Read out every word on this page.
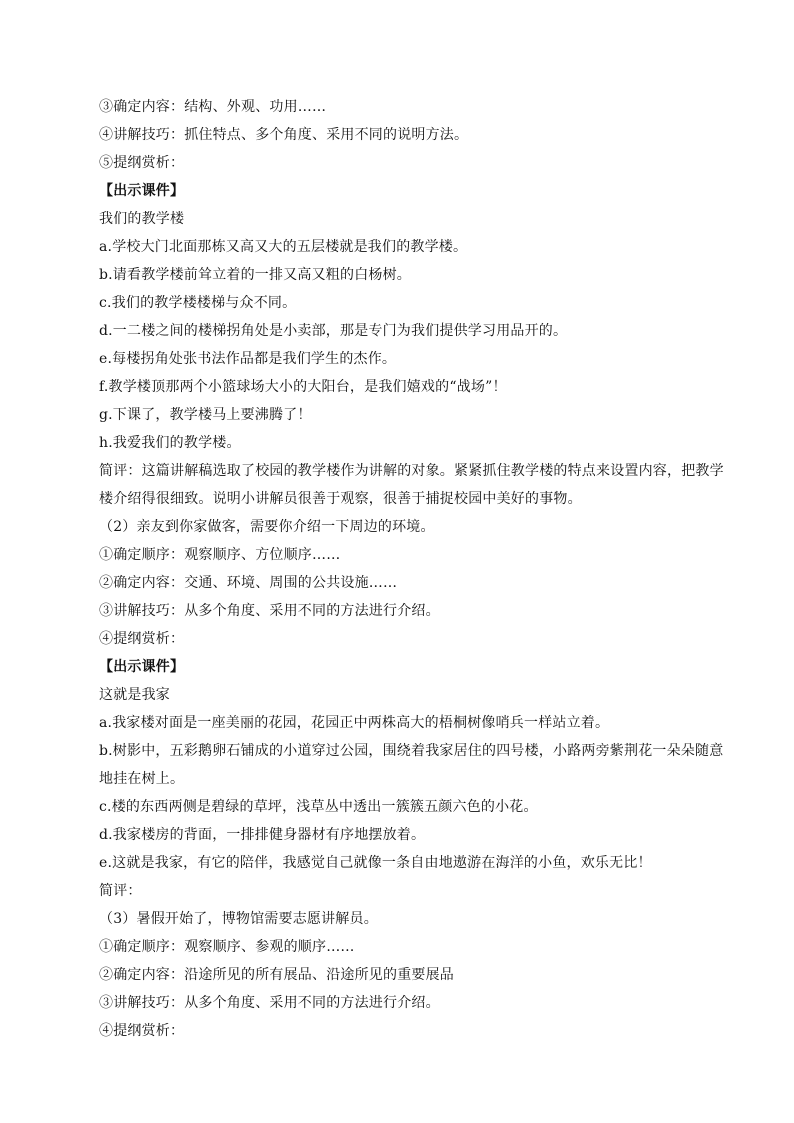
③确定内容：结构、外观、功用……
④讲解技巧：抓住特点、多个角度、采用不同的说明方法。
⑤提纲赏析：
【出示课件】
我们的教学楼
a.学校大门北面那栋又高又大的五层楼就是我们的教学楼。
b.请看教学楼前耸立着的一排又高又粗的白杨树。
c.我们的教学楼楼梯与众不同。
d.一二楼之间的楼梯拐角处是小卖部，那是专门为我们提供学习用品开的。
e.每楼拐角处张书法作品都是我们学生的杰作。
f.教学楼顶那两个小篮球场大小的大阳台，是我们嬉戏的“战场”！
g.下课了，教学楼马上要沸腾了！
h.我爱我们的教学楼。
简评：这篇讲解稿选取了校园的教学楼作为讲解的对象。紧紧抓住教学楼的特点来设置内容，把教学楼介绍得很细致。说明小讲解员很善于观察，很善于捕捉校园中美好的事物。
（2）亲友到你家做客，需要你介绍一下周边的环境。
①确定顺序：观察顺序、方位顺序……
②确定内容：交通、环境、周围的公共设施……
③讲解技巧：从多个角度、采用不同的方法进行介绍。
④提纲赏析：
【出示课件】
这就是我家
a.我家楼对面是一座美丽的花园，花园正中两株高大的梧桐树像哨兵一样站立着。
b.树影中，五彩鹅卵石铺成的小道穿过公园，围绕着我家居住的四号楼，小路两旁紫荆花一朵朵随意地挂在树上。
c.楼的东西两侧是碧绿的草坪，浅草丛中透出一簇簇五颜六色的小花。
d.我家楼房的背面，一排排健身器材有序地摆放着。
e.这就是我家，有它的陪伴，我感觉自己就像一条自由地遨游在海洋的小鱼，欢乐无比！
简评：
（3）暑假开始了，博物馆需要志愿讲解员。
①确定顺序：观察顺序、参观的顺序……
②确定内容：沿途所见的所有展品、沿途所见的重要展品
③讲解技巧：从多个角度、采用不同的方法进行介绍。
④提纲赏析：
